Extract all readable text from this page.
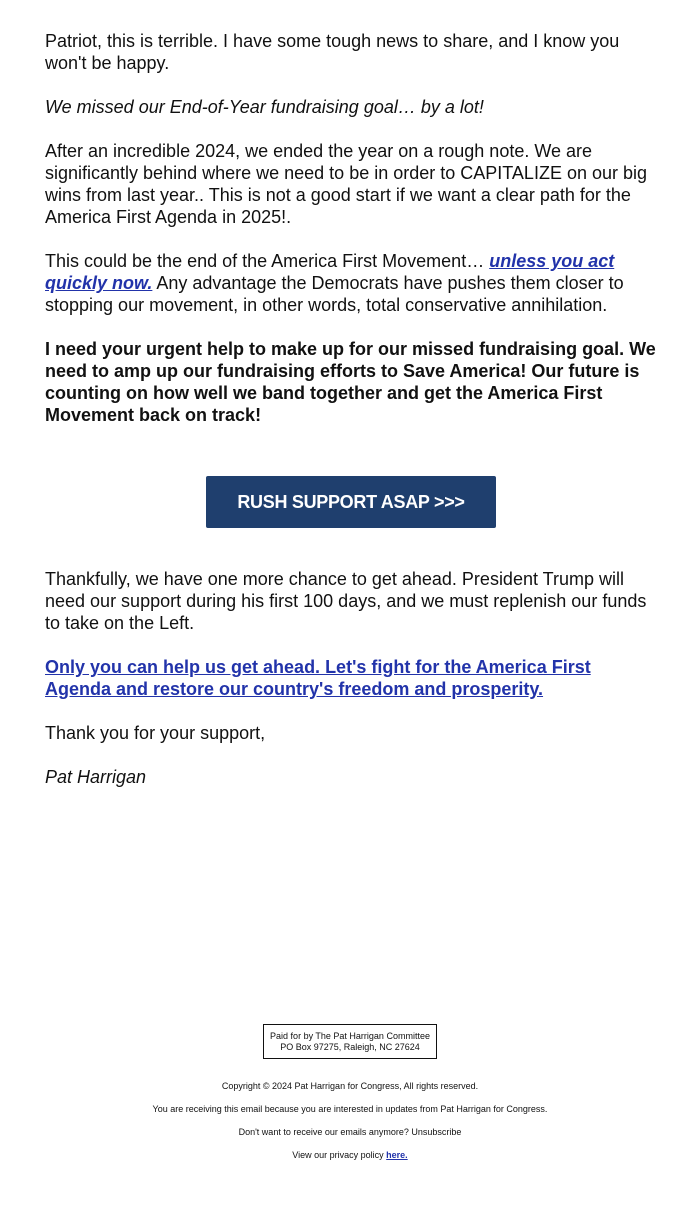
Patriot, this is terrible. I have some tough news to share, and I know you won't be happy.

We missed our End-of-Year fundraising goal… by a lot!

After an incredible 2024, we ended the year on a rough note. We are significantly behind where we need to be in order to CAPITALIZE on our big wins from last year.. This is not a good start if we want a clear path for the America First Agenda in 2025!.

This could be the end of the America First Movement… unless you act quickly now. Any advantage the Democrats have pushes them closer to stopping our movement, in other words, total conservative annihilation.

I need your urgent help to make up for our missed fundraising goal. We need to amp up our fundraising efforts to Save America! Our future is counting on how well we band together and get the America First Movement back on track!

RUSH SUPPORT ASAP >>>

Thankfully, we have one more chance to get ahead. President Trump will need our support during his first 100 days, and we must replenish our funds to take on the Left.

Only you can help us get ahead. Let's fight for the America First Agenda and restore our country's freedom and prosperity.

Thank you for your support,

Pat Harrigan

Paid for by The Pat Harrigan Committee
PO Box 97275, Raleigh, NC 27624

Copyright © 2024 Pat Harrigan for Congress, All rights reserved.

You are receiving this email because you are interested in updates from Pat Harrigan for Congress.

Don't want to receive our emails anymore? Unsubscribe

View our privacy policy here.
